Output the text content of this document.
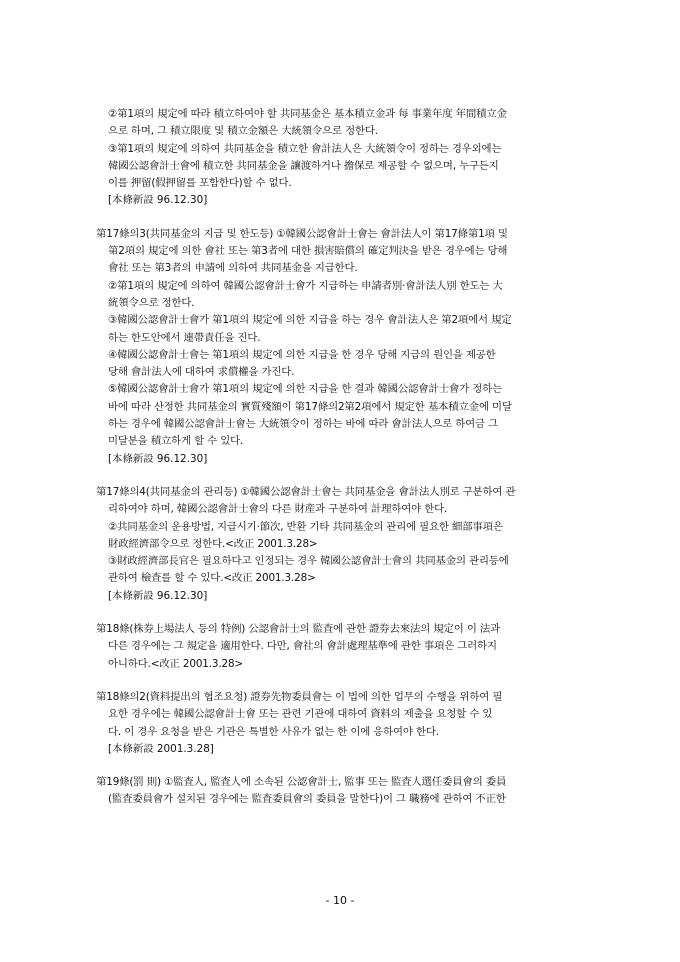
②第1項의 規定에 따라 積立하여야 할 共同基金은 基本積立金과 每 事業年度 年間積立金
으로 하며, 그 積立限度 및 積立金額은 大統領令으로 정한다.
③第1項의 規定에 의하여 共同基金을 積立한 會計法人은 大統領令이 정하는 경우외에는
韓國公認會計士會에 積立한 共同基金을 讓渡하거나 擔保로 제공할 수 없으며, 누구든지
이를 押留(假押留를 포함한다)할 수 없다.
[本條新設 96.12.30]
第17條의3(共同基金의 지급 및 한도등) ①韓國公認會計士會는 會計法人이 第17條第1項 및
第2項의 規定에 의한 會社 또는 第3者에 대한 損害賠償의 確定判決을 받은 경우에는 당해
會社 또는 第3者의 申請에 의하여 共同基金을 지급한다.
②第1項의 規定에 의하여 韓國公認會計士會가 지급하는 申請者別·會計法人別 한도는 大
統領令으로 정한다.
③韓國公認會計士會가 第1項의 規定에 의한 지급을 하는 경우 會計法人은 第2項에서 規定
하는 한도안에서 連帶責任을 진다.
④韓國公認會計士會는 第1項의 規定에 의한 지급을 한 경우 당해 지급의 원인을 제공한
당해 會計法人에 대하여 求償權을 가진다.
⑤韓國公認會計士會가 第1項의 規定에 의한 지급을 한 결과 韓國公認會計士會가 정하는
바에 따라 산정한 共同基金의 實質殘額이 第17條의2第2項에서 規定한 基本積立金에 미달
하는 경우에 韓國公認會計士會는 大統領令이 정하는 바에 따라 會計法人으로 하여금 그
미달분을 積立하게 할 수 있다.
[本條新設 96.12.30]
第17條의4(共同基金의 관리등) ①韓國公認會計士會는 共同基金을 會計法人別로 구분하여 관
리하여야 하며, 韓國公認會計士會의 다른 財産과 구분하여 計理하여야 한다.
②共同基金의 운용방법, 지급시기·節次, 반환 기타 共同基金의 관리에 필요한 細部事項은
財政經濟部令으로 정한다.<改正 2001.3.28>
③財政經濟部長官은 필요하다고 인정되는 경우 韓國公認會計士會의 共同基金의 관리등에
관하여 檢査를 할 수 있다.<改正 2001.3.28>
[本條新設 96.12.30]
第18條(株券上場法人 등의 特例) 公認會計士의 監査에 관한 證券去來法의 規定이 이 法과
다른 경우에는 그 規定을 適用한다. 다만, 會社의 會計處理基準에 관한 事項은 그러하지
아니하다.<改正 2001.3.28>
第18條의2(資料提出의 협조요청) 證券先物委員會는 이 법에 의한 업무의 수행을 위하여 필
요한 경우에는 韓國公認會計士會 또는 관련 기관에 대하여 資料의 제출을 요청할 수 있
다. 이 경우 요청을 받은 기관은 특별한 사유가 없는 한 이에 응하여야 한다.
[本條新設 2001.3.28]
第19條(罰 則) ①監査人, 監査人에 소속된 公認會計士, 監事 또는 監査人選任委員會의 委員
(監査委員會가 설치된 경우에는 監査委員會의 委員을 말한다)이 그 職務에 관하여 不正한
- 10 -
